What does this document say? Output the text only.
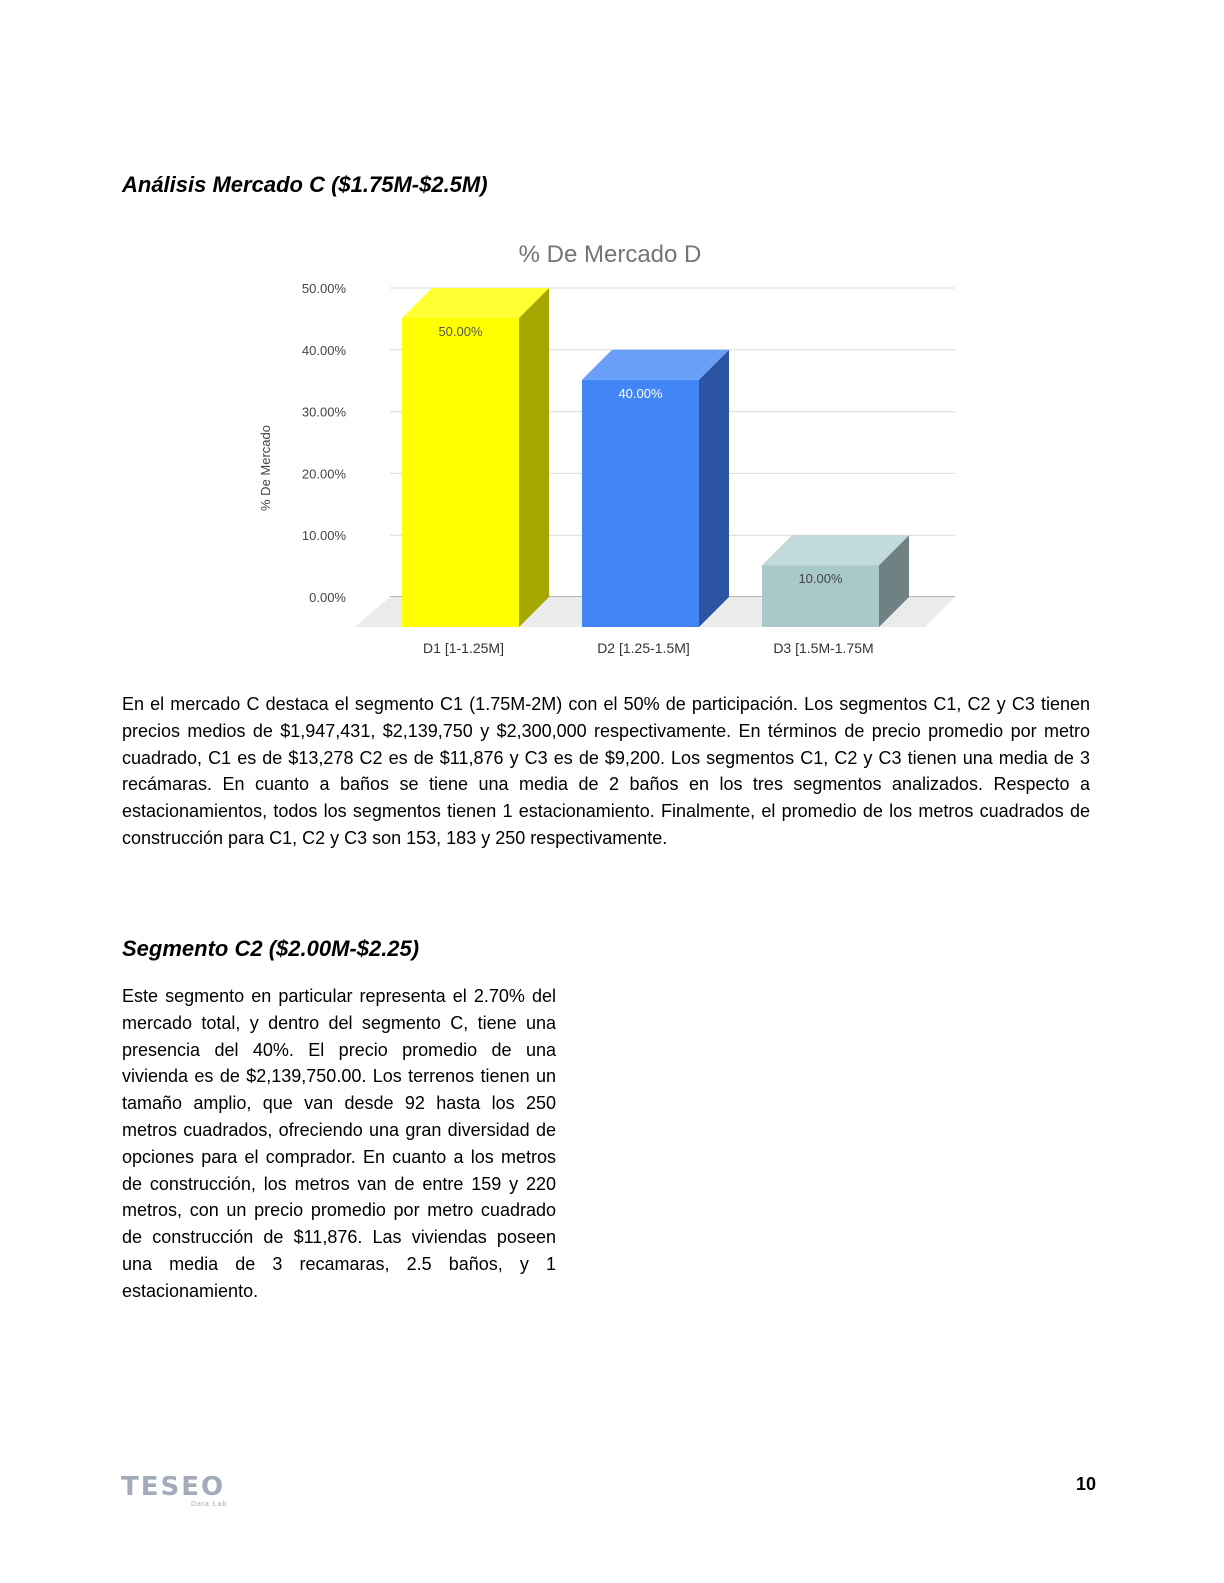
Análisis Mercado C ($1.75M-$2.5M)
% De Mercado D
% De Mercado
0.00%
10.00%
20.00%
30.00%
40.00%
50.00%
50.00%
D1 [1-1.25M]
40.00%
D2 [1.25-1.5M]
10.00%
D3 [1.5M-1.75M

En el mercado C destaca el segmento C1 (1.75M-2M) con el 50% de participación. Los segmentos C1, C2 y C3 tienen precios medios de $1,947,431, $2,139,750 y $2,300,000 respectivamente. En términos de precio promedio por metro cuadrado, C1 es de $13,278 C2 es de $11,876 y C3 es de $9,200. Los segmentos C1, C2 y C3 tienen una media de 3 recámaras. En cuanto a baños se tiene una media de 2 baños en los tres segmentos analizados. Respecto a estacionamientos, todos los segmentos tienen 1 estacionamiento. Finalmente, el promedio de los metros cuadrados de construcción para C1, C2 y C3 son 153, 183 y 250 respectivamente.

Segmento C2 ($2.00M-$2.25)

Este segmento en particular representa el 2.70% del mercado total, y dentro del segmento C, tiene una presencia del 40%. El precio promedio de una vivienda es de $2,139,750.00. Los terrenos tienen un tamaño amplio, que van desde 92 hasta los 250 metros cuadrados, ofreciendo una gran diversidad de opciones para el comprador. En cuanto a los metros de construcción, los metros van de entre 159 y 220 metros, con un precio promedio por metro cuadrado de construcción de $11,876. Las viviendas poseen una media de 3 recamaras, 2.5 baños, y 1 estacionamiento.

TESEO
Data Lab
10
